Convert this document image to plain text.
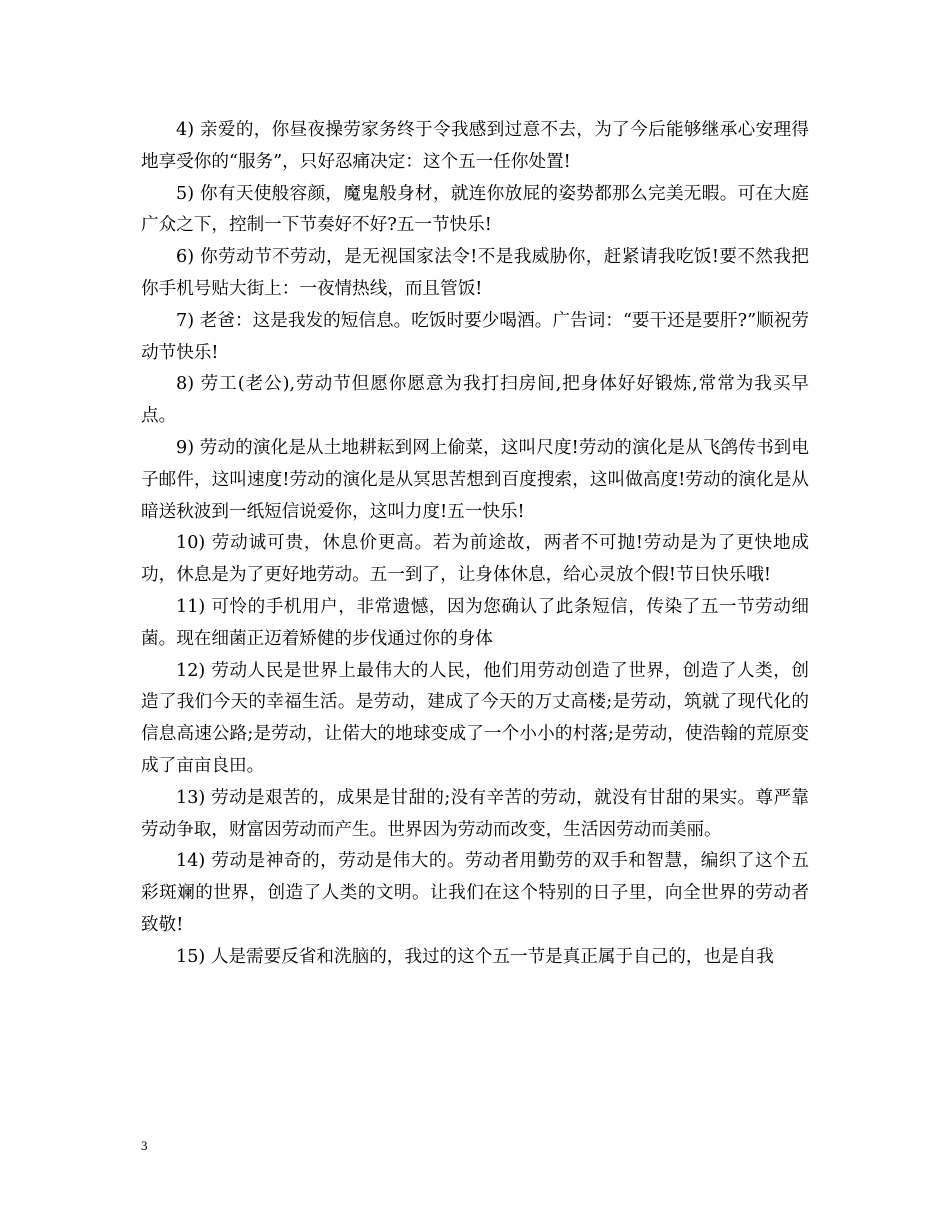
4) 亲爱的，你昼夜操劳家务终于令我感到过意不去，为了今后能够继承心安理得地享受你的“服务”，只好忍痛决定：这个五一任你处置!

5) 你有天使般容颜，魔鬼般身材，就连你放屁的姿势都那么完美无暇。可在大庭广众之下，控制一下节奏好不好?五一节快乐!

6) 你劳动节不劳动，是无视国家法令!不是我威胁你，赶紧请我吃饭!要不然我把你手机号贴大街上：一夜情热线，而且管饭!

7) 老爸：这是我发的短信息。吃饭时要少喝酒。广告词：“要干还是要肝?”顺祝劳动节快乐!

8) 劳工(老公),劳动节但愿你愿意为我打扫房间,把身体好好锻炼,常常为我买早点。

9) 劳动的演化是从土地耕耘到网上偷菜，这叫尺度!劳动的演化是从飞鸽传书到电子邮件，这叫速度!劳动的演化是从冥思苦想到百度搜索，这叫做高度!劳动的演化是从暗送秋波到一纸短信说爱你，这叫力度!五一快乐!

10) 劳动诚可贵，休息价更高。若为前途故，两者不可抛!劳动是为了更快地成功，休息是为了更好地劳动。五一到了，让身体休息，给心灵放个假!节日快乐哦!

11) 可怜的手机用户，非常遗憾，因为您确认了此条短信，传染了五一节劳动细菌。现在细菌正迈着矫健的步伐通过你的身体

12) 劳动人民是世界上最伟大的人民，他们用劳动创造了世界，创造了人类，创造了我们今天的幸福生活。是劳动，建成了今天的万丈高楼;是劳动，筑就了现代化的信息高速公路;是劳动，让偌大的地球变成了一个小小的村落;是劳动，使浩翰的荒原变成了亩亩良田。

13) 劳动是艰苦的，成果是甘甜的;没有辛苦的劳动，就没有甘甜的果实。尊严靠劳动争取，财富因劳动而产生。世界因为劳动而改变，生活因劳动而美丽。

14) 劳动是神奇的，劳动是伟大的。劳动者用勤劳的双手和智慧，编织了这个五彩斑斓的世界，创造了人类的文明。让我们在这个特别的日子里，向全世界的劳动者致敬!

15) 人是需要反省和洗脑的，我过的这个五一节是真正属于自己的，也是自我

3
